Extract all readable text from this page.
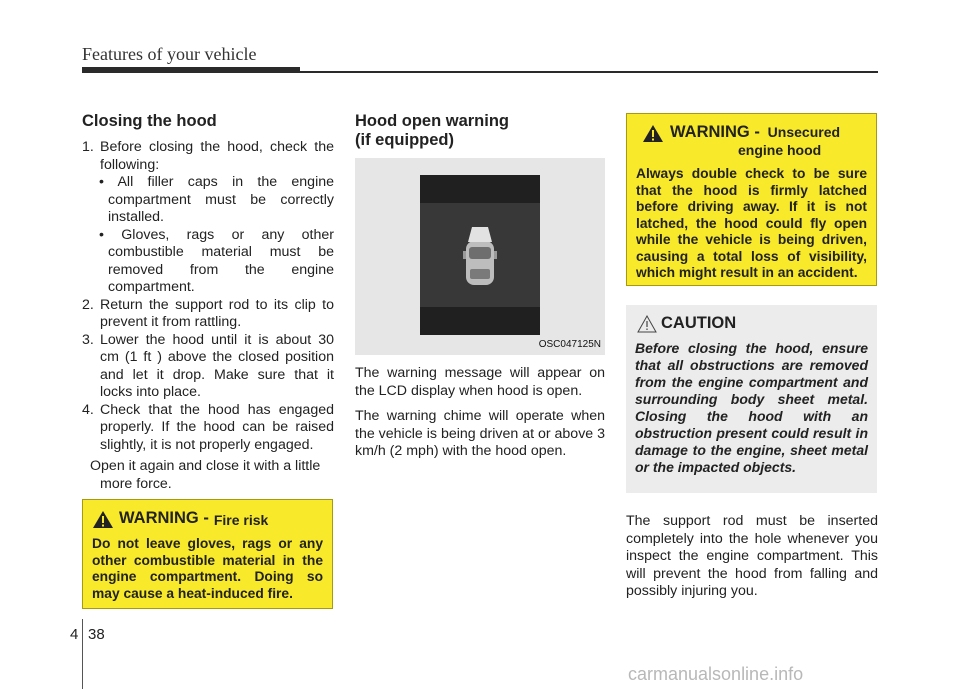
Features of your vehicle
Closing the hood
1. Before closing the hood, check the following:
• All filler caps in the engine compartment must be correctly installed.
• Gloves, rags or any other combustible material must be removed from the engine compartment.
2. Return the support rod to its clip to prevent it from rattling.
3. Lower the hood until it is about 30 cm (1 ft ) above the closed position and let it drop. Make sure that it locks into place.
4. Check that the hood has engaged properly. If the hood can be raised slightly, it is not properly engaged.
Open it again and close it with a little more force.
WARNING - Fire risk
Do not leave gloves, rags or any other combustible material in the engine compartment. Doing so may cause a heat-induced fire.
Hood open warning
(if equipped)
OSC047125N

The warning message will appear on the LCD display when hood is open.

The warning chime will operate when the vehicle is being driven at or above 3 km/h (2 mph) with the hood open.

WARNING - Unsecured
engine hood
Always double check to be sure that the hood is firmly latched before driving away. If it is not latched, the hood could fly open while the vehicle is being driven, causing a total loss of visibility, which might result in an accident.
CAUTION
Before closing the hood, ensure that all obstructions are removed from the engine compartment and surrounding body sheet metal. Closing the hood with an obstruction present could result in damage to the engine, sheet metal or the impacted objects.
The support rod must be inserted completely into the hole whenever you inspect the engine compartment. This will prevent the hood from falling and possibly injuring you.
4 38
carmanualsonline.info
